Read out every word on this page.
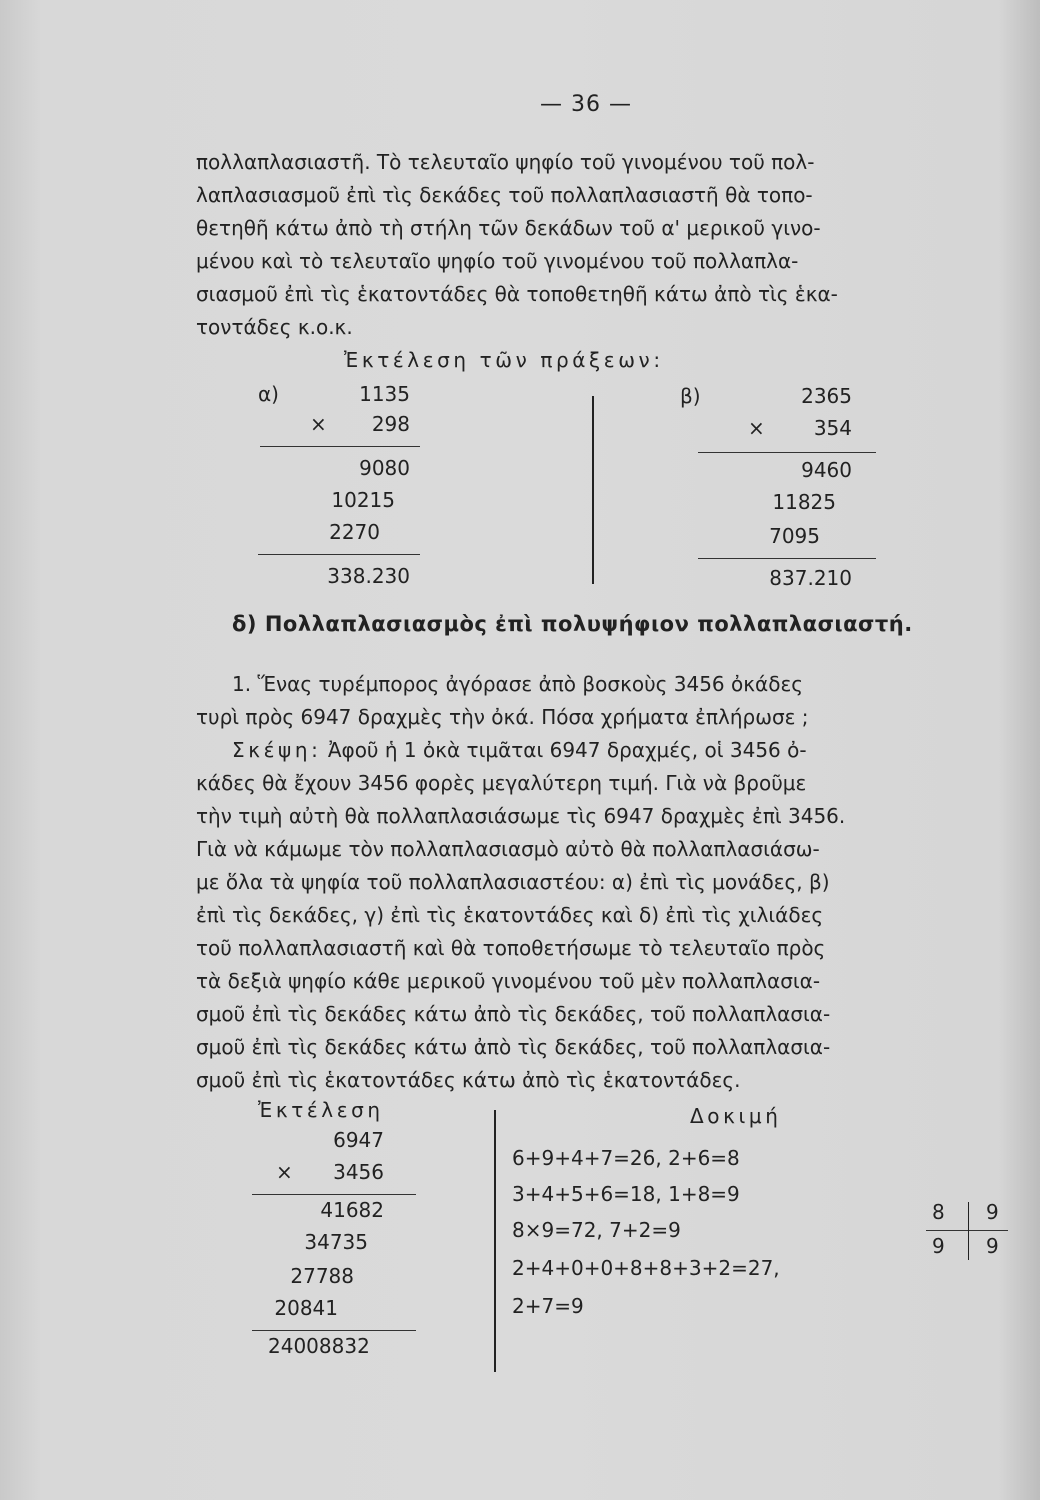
— 36 —
πολλαπλασιαστῆ. Τὸ τελευταῖο ψηφίο τοῦ γινομένου τοῦ πολ-
λαπλασιασμοῦ ἐπὶ τὶς δεκάδες τοῦ πολλαπλασιαστῆ θὰ τοπο-
θετηθῆ κάτω ἀπὸ τὴ στήλη τῶν δεκάδων τοῦ α' μερικοῦ γινο-
μένου καὶ τὸ τελευταῖο ψηφίο τοῦ γινομένου τοῦ πολλαπλα-
σιασμοῦ ἐπὶ τὶς ἑκατοντάδες θὰ τοποθετηθῆ κάτω ἀπὸ τὶς ἑκα-
τοντάδες κ.ο.κ.
Ἐκτέλεση τῶν πράξεων:
α)	1135
×	298
9080
10215
2270
338.230
β)	2365
×	354
9460
11825
7095
837.210
δ) Πολλαπλασιασμὸς ἐπὶ πολυψήφιον πολλαπλασιαστή.
1. Ἕνας τυρέμπορος ἀγόρασε ἀπὸ βοσκοὺς 3456 ὀκάδες
τυρὶ πρὸς 6947 δραχμὲς τὴν ὀκά. Πόσα χρήματα ἐπλήρωσε ;
Σκέψη: Ἀφοῦ ἡ 1 ὀκὰ τιμᾶται 6947 δραχμές, οἱ 3456 ὀ-
κάδες θὰ ἔχουν 3456 φορὲς μεγαλύτερη τιμή. Γιὰ νὰ βροῦμε
τὴν τιμὴ αὐτὴ θὰ πολλαπλασιάσωμε τὶς 6947 δραχμὲς ἐπὶ 3456.
Γιὰ νὰ κάμωμε τὸν πολλαπλασιασμὸ αὐτὸ θὰ πολλαπλασιάσω-
με ὅλα τὰ ψηφία τοῦ πολλαπλασιαστέου: α) ἐπὶ τὶς μονάδες, β)
ἐπὶ τὶς δεκάδες, γ) ἐπὶ τὶς ἑκατοντάδες καὶ δ) ἐπὶ τὶς χιλιάδες
τοῦ πολλαπλασιαστῆ καὶ θὰ τοποθετήσωμε τὸ τελευταῖο πρὸς
τὰ δεξιὰ ψηφίο κάθε μερικοῦ γινομένου τοῦ μὲν πολλαπλασια-
σμοῦ ἐπὶ τὶς δεκάδες κάτω ἀπὸ τὶς δεκάδες, τοῦ πολλαπλασια-
σμοῦ ἐπὶ τὶς δεκάδες κάτω ἀπὸ τὶς δεκάδες, τοῦ πολλαπλασια-
σμοῦ ἐπὶ τὶς ἑκατοντάδες κάτω ἀπὸ τὶς ἑκατοντάδες.
Ἐκτέλεση
6947
×	3456
41682
34735
27788
20841
24008832
Δοκιμή
6+9+4+7=26, 2+6=8
3+4+5+6=18, 1+8=9
8×9=72, 7+2=9
2+4+0+0+8+8+3+2=27,
2+7=9
8 9
9 9
